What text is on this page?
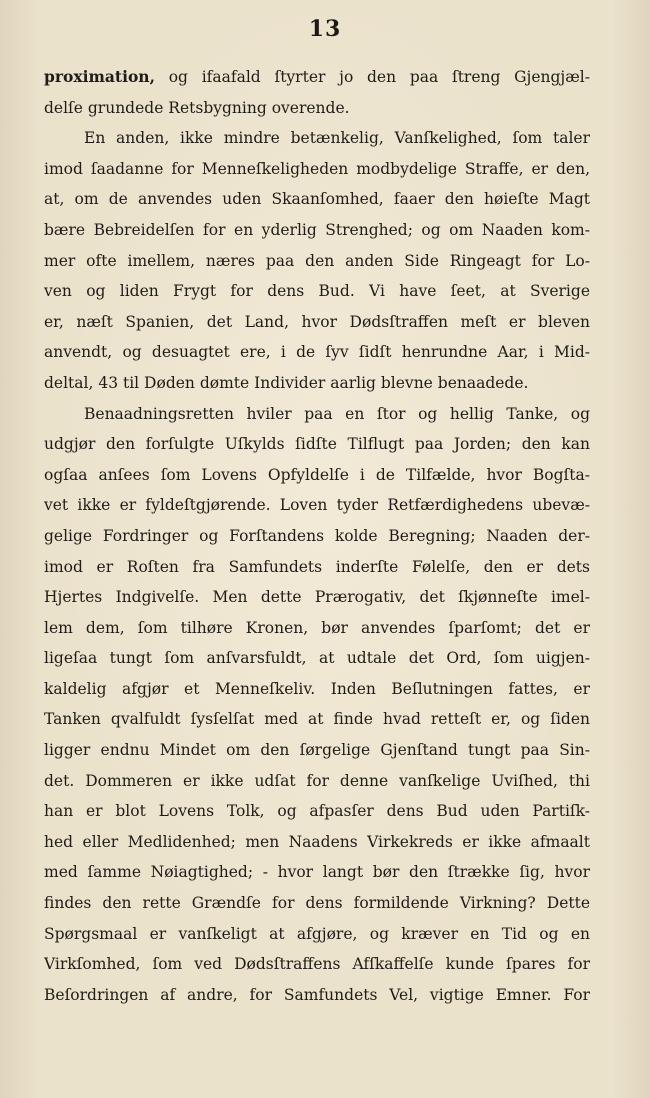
13
proximation, og ifaafald ſtyrter jo den paa ſtreng Gjengjæl-
delſe grundede Retsbygning overende.
En anden, ikke mindre betænkelig, Vanſkelighed, ſom taler
imod ſaadanne for Menneſkeligheden modbydelige Straffe, er den,
at, om de anvendes uden Skaanſomhed, faaer den høieſte Magt
bære Bebreidelſen for en yderlig Strenghed; og om Naaden kom-
mer ofte imellem, næres paa den anden Side Ringeagt for Lo-
ven og liden Frygt for dens Bud. Vi have ſeet, at Sverige
er, næſt Spanien, det Land, hvor Dødsſtraffen meſt er bleven
anvendt, og desuagtet ere, i de ſyv ſidſt henrundne Aar, i Mid-
deltal, 43 til Døden dømte Individer aarlig blevne benaadede.
Benaadningsretten hviler paa en ſtor og hellig Tanke, og
udgjør den forſulgte Uſkylds ſidſte Tilflugt paa Jorden; den kan
ogſaa anſees ſom Lovens Opfyldelſe i de Tilfælde, hvor Bogſta-
vet ikke er fyldeſtgjørende. Loven tyder Retfærdighedens ubevæ-
gelige Fordringer og Forſtandens kolde Beregning; Naaden der-
imod er Roſten fra Samfundets inderſte Følelſe, den er dets
Hjertes Indgivelſe. Men dette Prærogativ, det ſkjønneſte imel-
lem dem, ſom tilhøre Kronen, bør anvendes ſparſomt; det er
ligeſaa tungt ſom anſvarsfuldt, at udtale det Ord, ſom uigjen-
kaldelig afgjør et Menneſkeliv. Inden Beſlutningen fattes, er
Tanken qvalfuldt ſysſelſat med at finde hvad retteſt er, og ſiden
ligger endnu Mindet om den ſørgelige Gjenſtand tungt paa Sin-
det. Dommeren er ikke udſat for denne vanſkelige Uviſhed, thi
han er blot Lovens Tolk, og afpasſer dens Bud uden Partiſk-
hed eller Medlidenhed; men Naadens Virkekreds er ikke afmaalt
med ſamme Nøiagtighed; - hvor langt bør den ſtrække ſig, hvor
findes den rette Grændſe for dens formildende Virkning? Dette
Spørgsmaal er vanſkeligt at afgjøre, og kræver en Tid og en
Virkſomhed, ſom ved Dødsſtraffens Afſkaffelſe kunde ſpares for
Beſordringen af andre, for Samfundets Vel, vigtige Emner. For
